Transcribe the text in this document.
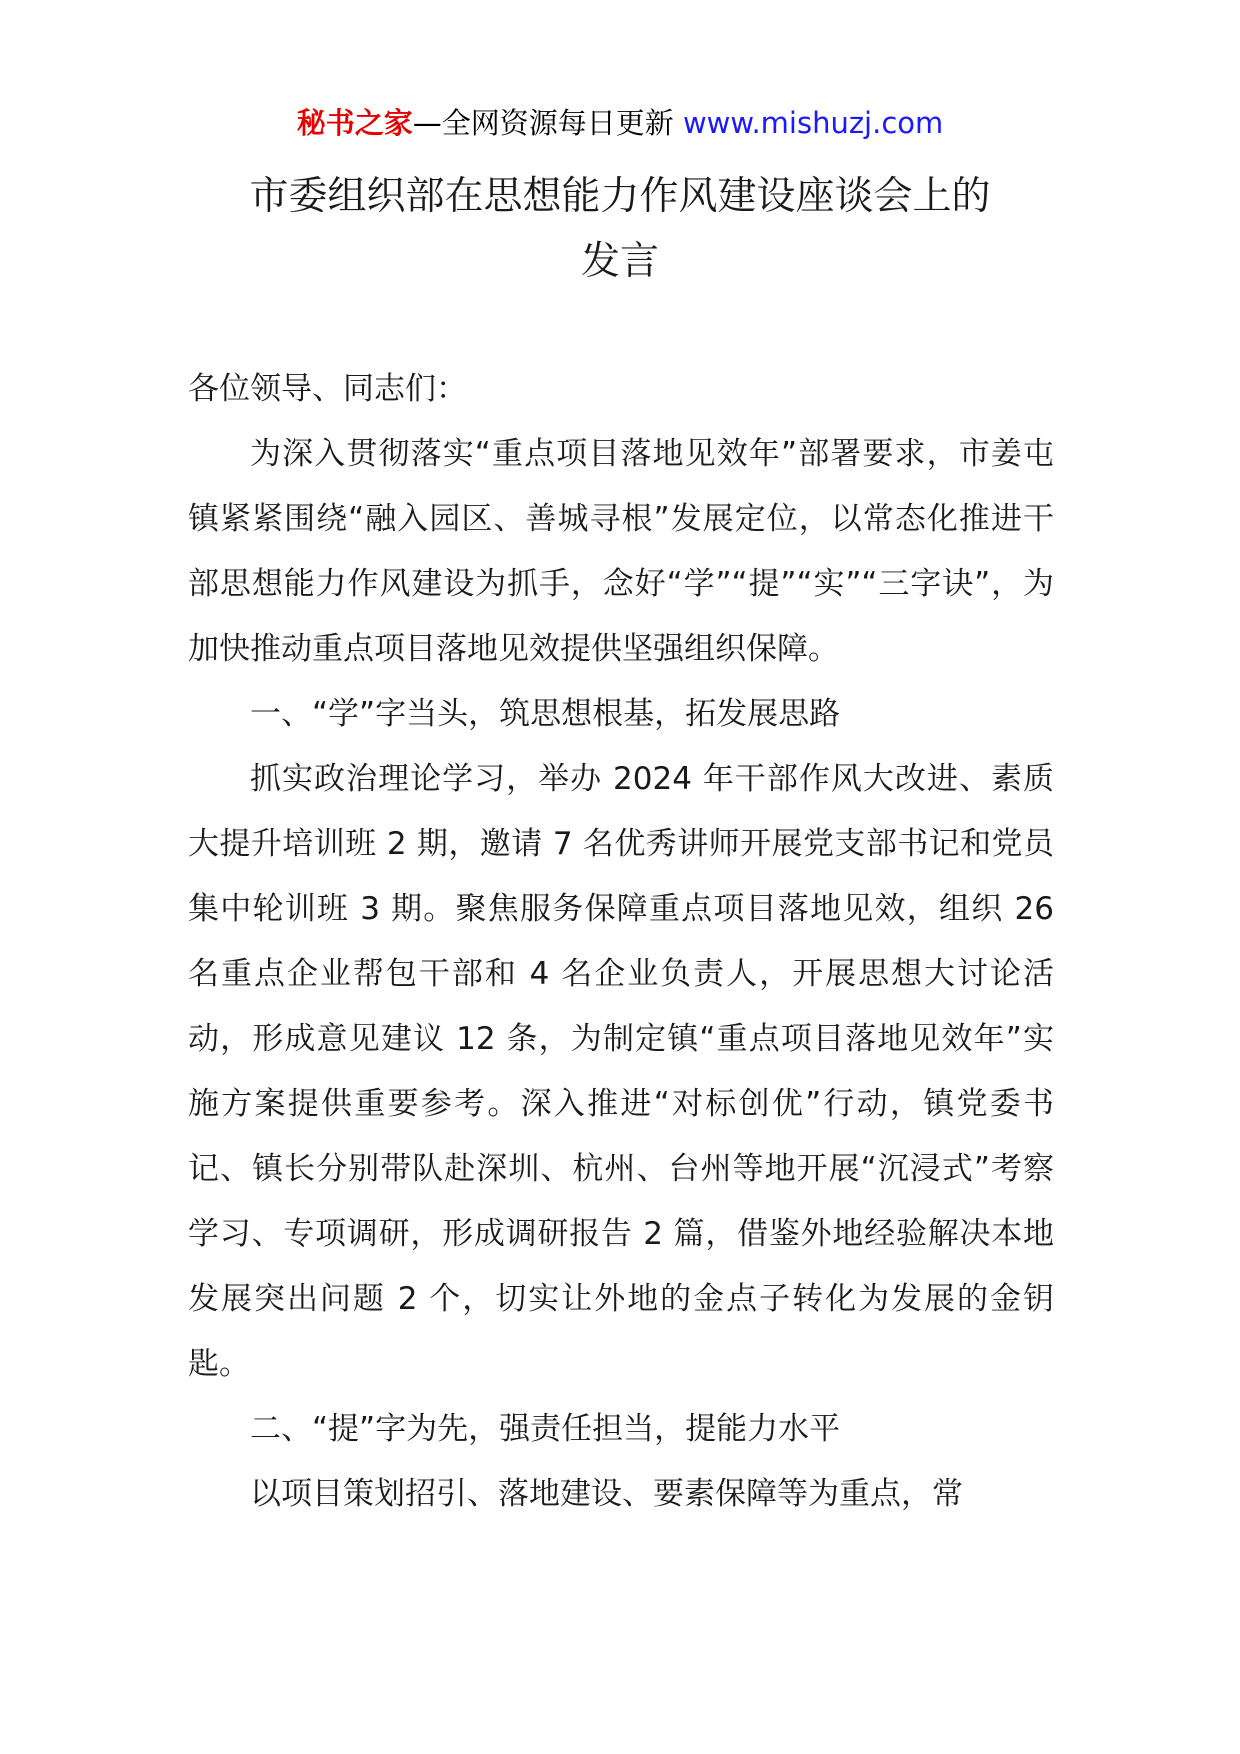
秘书之家—全网资源每日更新 www.mishuzj.com
市委组织部在思想能力作风建设座谈会上的
发言

各位领导、同志们：

为深入贯彻落实“重点项目落地见效年”部署要求，市姜屯镇紧紧围绕“融入园区、善城寻根”发展定位，以常态化推进干部思想能力作风建设为抓手，念好“学”“提”“实”“三字诀”，为加快推动重点项目落地见效提供坚强组织保障。

一、“学”字当头，筑思想根基，拓发展思路

抓实政治理论学习，举办 2024 年干部作风大改进、素质大提升培训班 2 期，邀请 7 名优秀讲师开展党支部书记和党员集中轮训班 3 期。聚焦服务保障重点项目落地见效，组织 26 名重点企业帮包干部和 4 名企业负责人，开展思想大讨论活动，形成意见建议 12 条，为制定镇“重点项目落地见效年”实施方案提供重要参考。深入推进“对标创优”行动，镇党委书记、镇长分别带队赴深圳、杭州、台州等地开展“沉浸式”考察学习、专项调研，形成调研报告 2 篇，借鉴外地经验解决本地发展突出问题 2 个，切实让外地的金点子转化为发展的金钥匙。

二、“提”字为先，强责任担当，提能力水平

以项目策划招引、落地建设、要素保障等为重点，常
